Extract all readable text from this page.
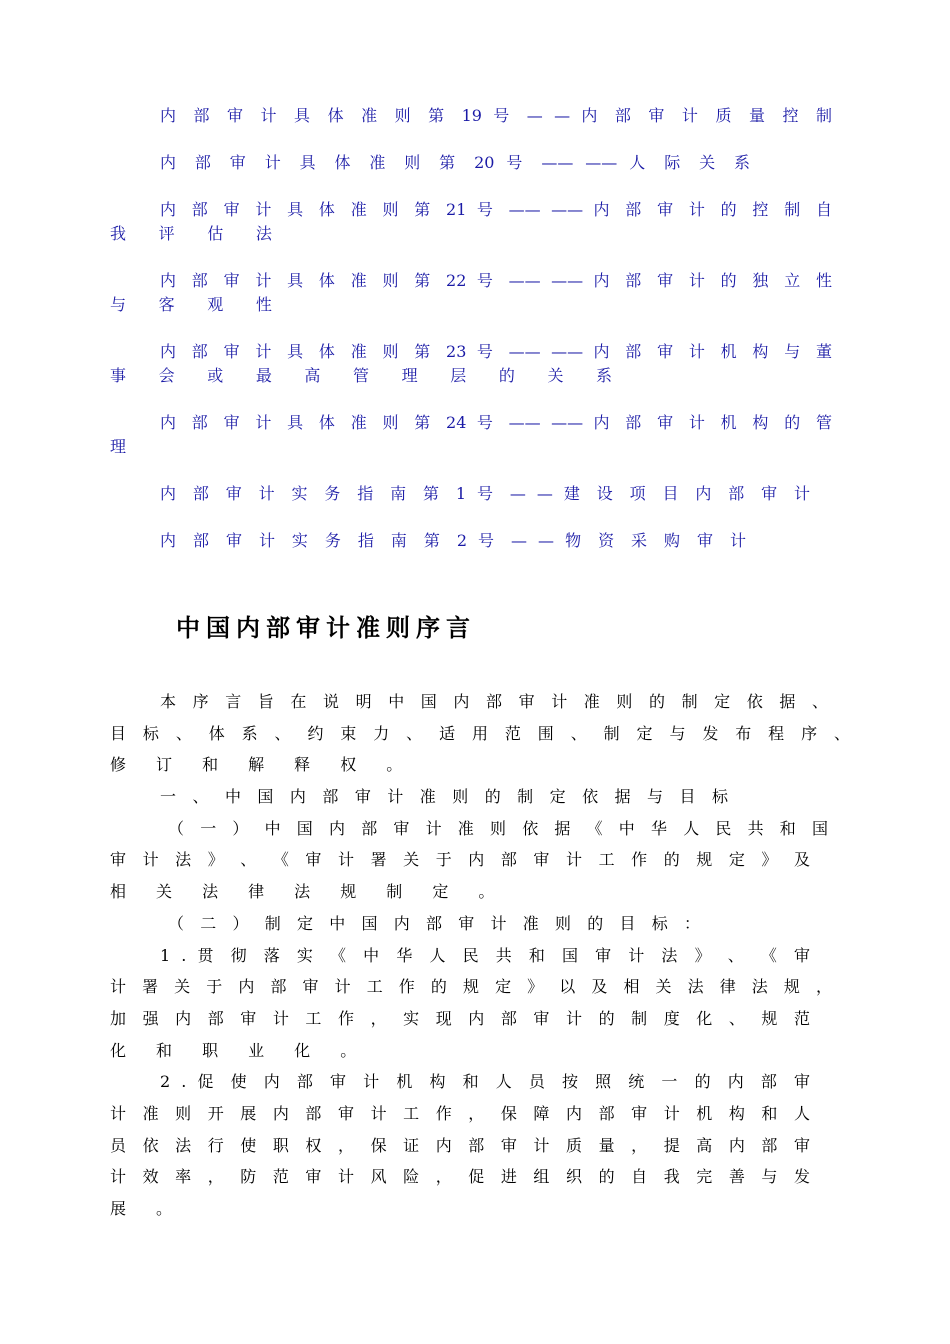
内 部 审 计 具 体 准 则 第 19 号 — — 内 部 审 计 质 量 控 制
内 部 审 计 具 体 准 则 第 20 号 —— —— 人 际 关 系
内 部 审 计 具 体 准 则 第 21 号 —— —— 内 部 审 计 的 控 制 自
我 评 估 法
内 部 审 计 具 体 准 则 第 22 号 —— —— 内 部 审 计 的 独 立 性
与 客 观 性
内 部 审 计 具 体 准 则 第 23 号 —— —— 内 部 审 计 机 构 与 董
事 会 或 最 高 管 理 层 的 关 系
内 部 审 计 具 体 准 则 第 24 号 —— —— 内 部 审 计 机 构 的 管
理
内 部 审 计 实 务 指 南 第 1 号 — — 建 设 项 目 内 部 审 计
内 部 审 计 实 务 指 南 第 2 号 — — 物 资 采 购 审 计
中国内部审计准则序言
本 序 言 旨 在 说 明 中 国 内 部 审 计 准 则 的 制 定 依 据 、
目 标 、 体 系 、 约 束 力 、 适 用 范 围 、 制 定 与 发 布 程 序 、
修 订 和 解 释 权 。
一 、 中 国 内 部 审 计 准 则 的 制 定 依 据 与 目 标
（ 一 ） 中 国 内 部 审 计 准 则 依 据 《 中 华 人 民 共 和 国
审 计 法 》 、 《 审 计 署 关 于 内 部 审 计 工 作 的 规 定 》 及
相 关 法 律 法 规 制 定 。
（ 二 ） 制 定 中 国 内 部 审 计 准 则 的 目 标 ：
1 . 贯 彻 落 实 《 中 华 人 民 共 和 国 审 计 法 》 、 《 审
计 署 关 于 内 部 审 计 工 作 的 规 定 》 以 及 相 关 法 律 法 规 ，
加 强 内 部 审 计 工 作 ， 实 现 内 部 审 计 的 制 度 化 、 规 范
化 和 职 业 化 。
2 . 促 使 内 部 审 计 机 构 和 人 员 按 照 统 一 的 内 部 审
计 准 则 开 展 内 部 审 计 工 作 ， 保 障 内 部 审 计 机 构 和 人
员 依 法 行 使 职 权 ， 保 证 内 部 审 计 质 量 ， 提 高 内 部 审
计 效 率 ， 防 范 审 计 风 险 ， 促 进 组 织 的 自 我 完 善 与 发
展 。
